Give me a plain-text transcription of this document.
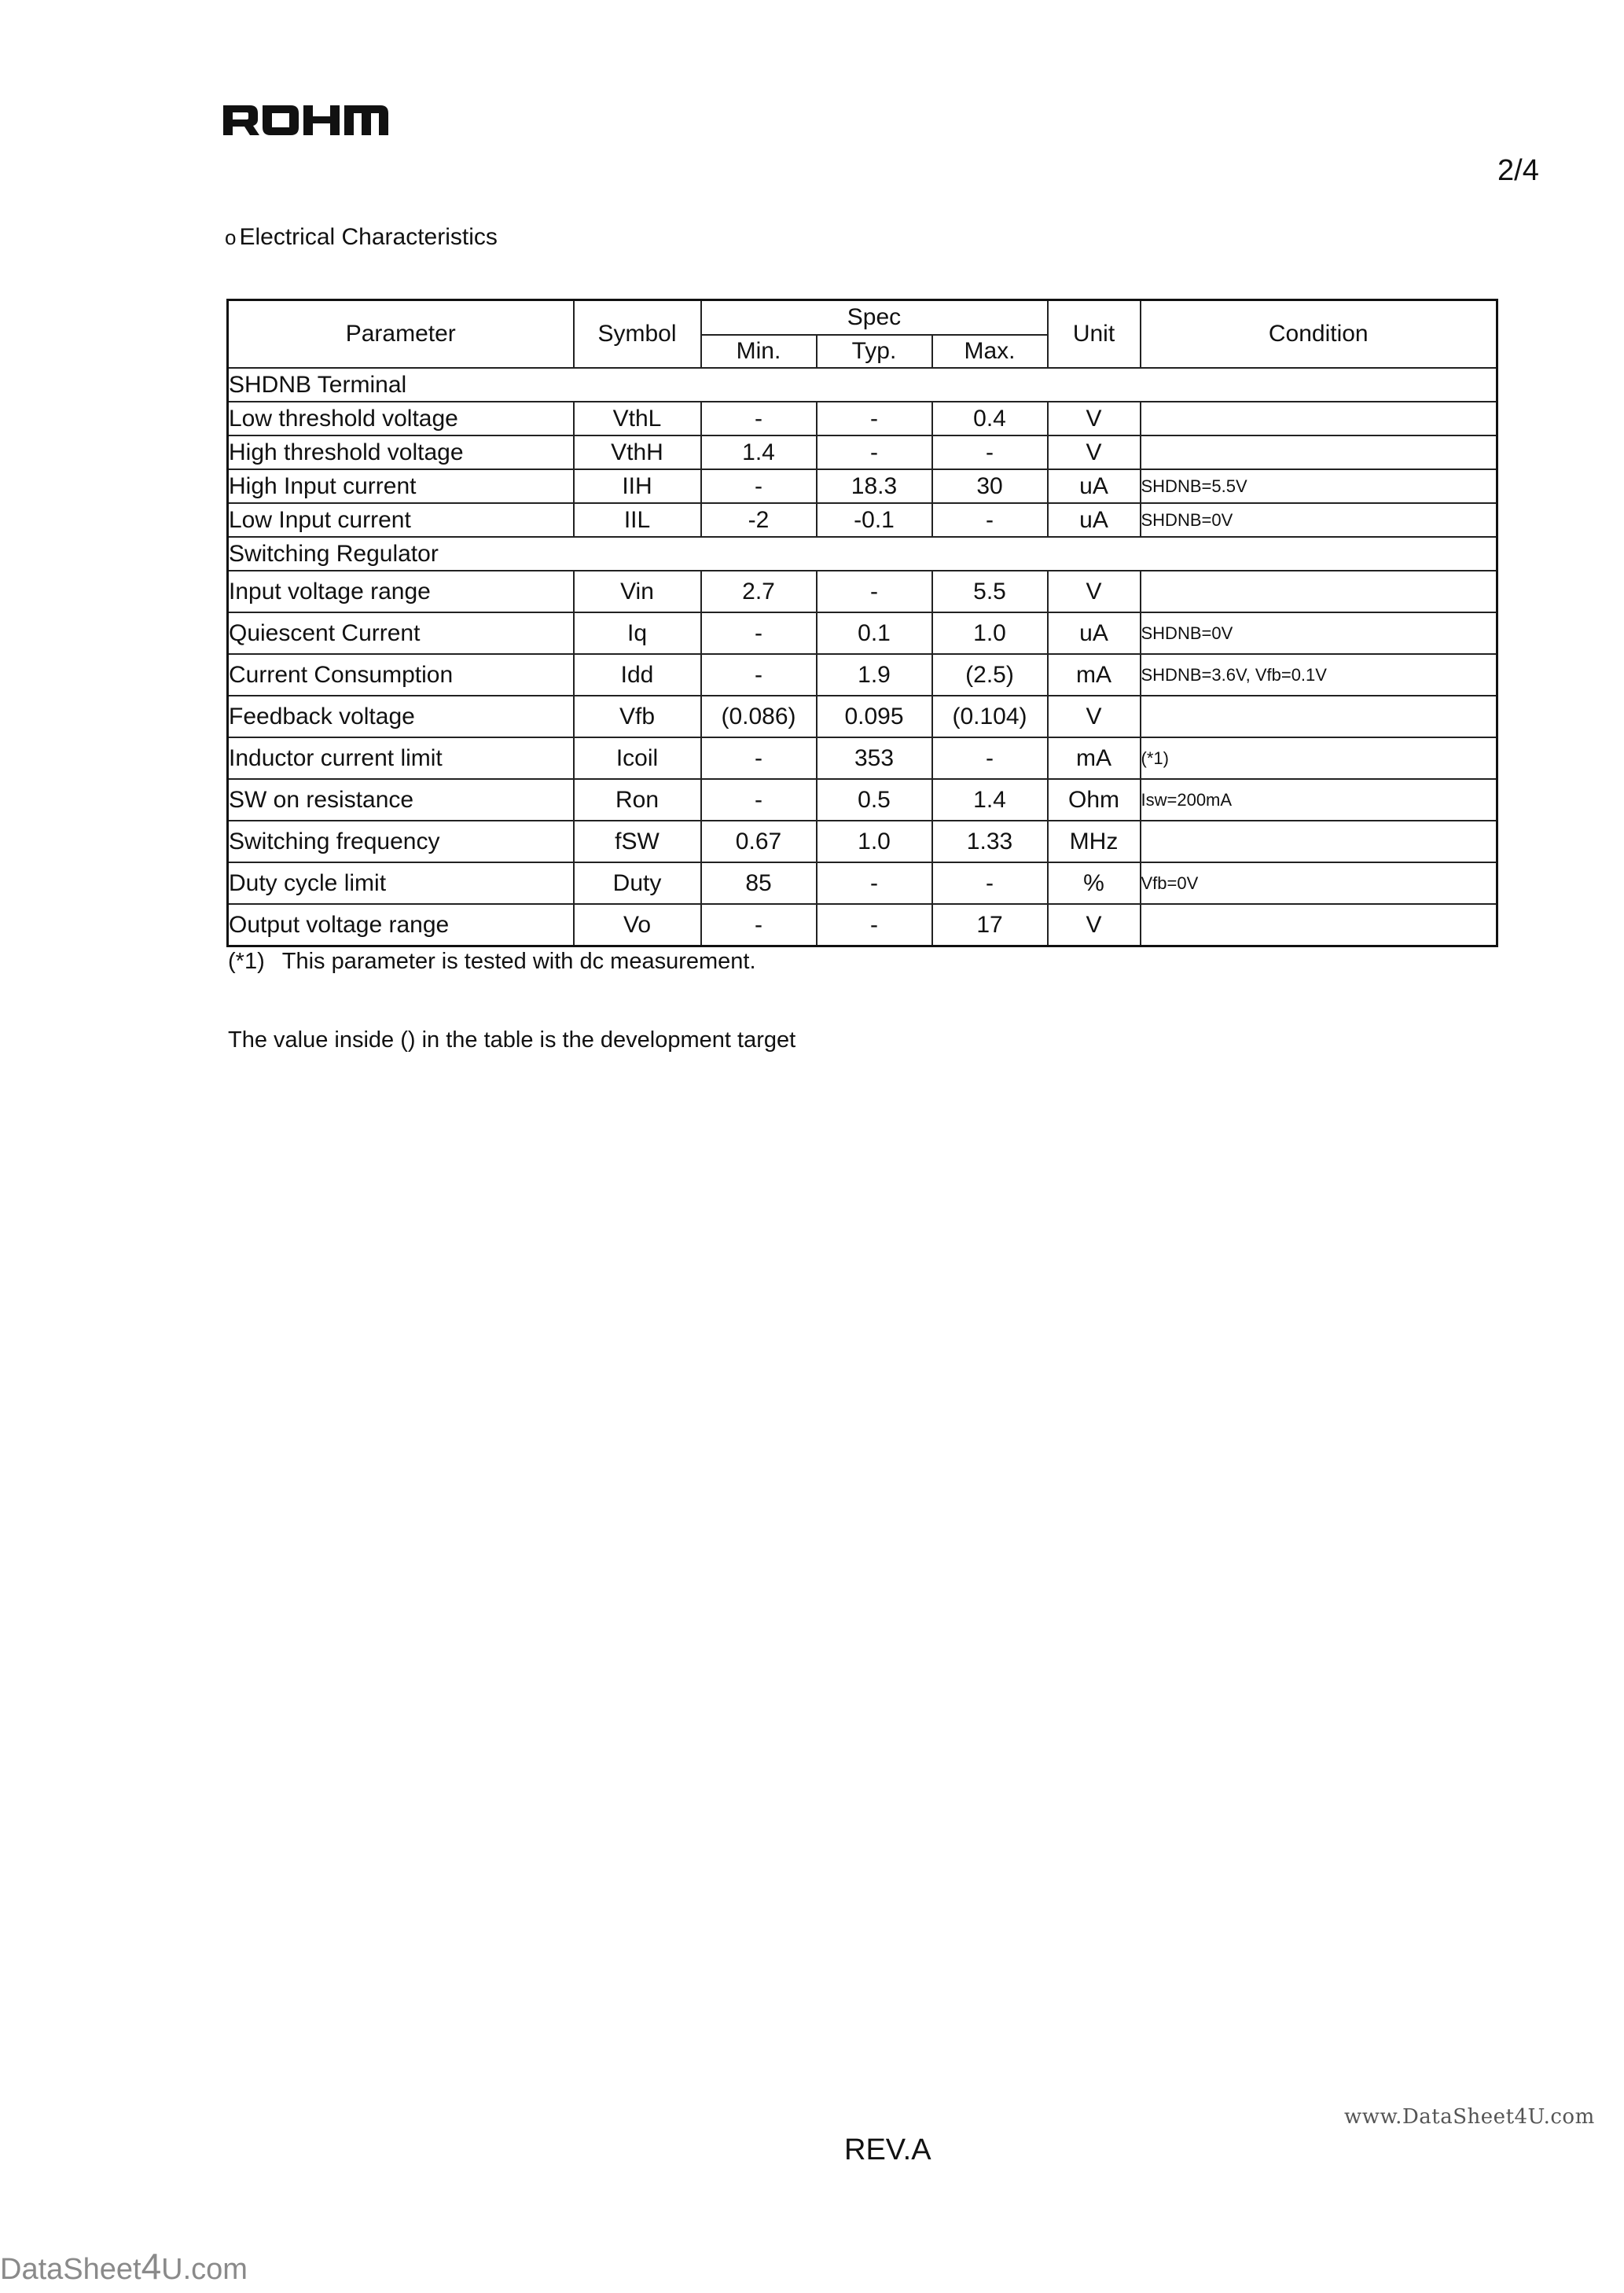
2/4
o Electrical Characteristics
Parameter	Symbol	Spec			Unit	Condition
		Min.	Typ.	Max.		
SHDNB Terminal						
Low threshold voltage	VthL	-	-	0.4	V	
High threshold voltage	VthH	1.4	-	-	V	
High Input current	IIH	-	18.3	30	uA	SHDNB=5.5V
Low Input current	IIL	-2	-0.1	-	uA	SHDNB=0V
Switching Regulator						
Input voltage range	Vin	2.7	-	5.5	V	
Quiescent Current	Iq	-	0.1	1.0	uA	SHDNB=0V
Current Consumption	Idd	-	1.9	(2.5)	mA	SHDNB=3.6V, Vfb=0.1V
Feedback voltage	Vfb	(0.086)	0.095	(0.104)	V	
Inductor current limit	Icoil	-	353	-	mA	(*1)
SW on resistance	Ron	-	0.5	1.4	Ohm	Isw=200mA
Switching frequency	fSW	0.67	1.0	1.33	MHz	
Duty cycle limit	Duty	85	-	-	%	Vfb=0V
Output voltage range	Vo	-	-	17	V	
(*1) This parameter is tested with dc measurement.
The value inside () in the table is the development target
REV.A
www.DataSheet4U.com
DataSheet4U.com
